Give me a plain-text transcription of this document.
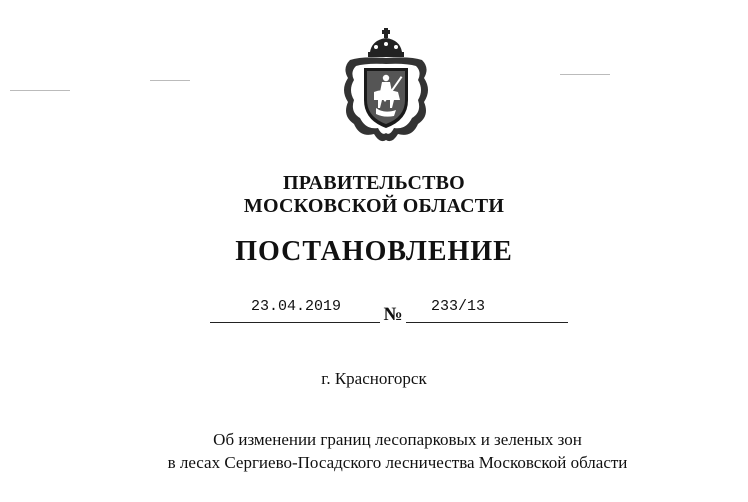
ПРАВИТЕЛЬСТВО
МОСКОВСКОЙ ОБЛАСТИ
ПОСТАНОВЛЕНИЕ
23.04.2019	№	233/13
г. Красногорск
Об изменении границ лесопарковых и зеленых зон
в лесах Сергиево-Посадского лесничества Московской области
